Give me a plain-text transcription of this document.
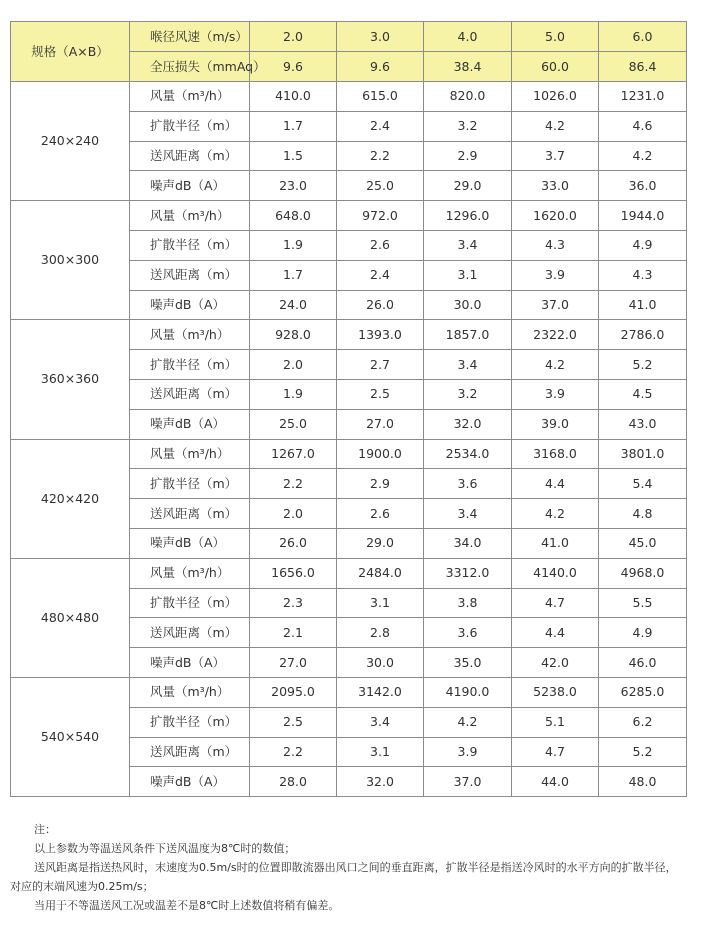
规格（A×B）	喉径风速（m/s）	2.0	3.0	4.0	5.0	6.0
	全压损失（mmAq）	9.6	9.6	38.4	60.0	86.4
240×240	风量（m³/h）	410.0	615.0	820.0	1026.0	1231.0
	扩散半径（m）	1.7	2.4	3.2	4.2	4.6
	送风距离（m）	1.5	2.2	2.9	3.7	4.2
	噪声dB（A）	23.0	25.0	29.0	33.0	36.0
300×300	风量（m³/h）	648.0	972.0	1296.0	1620.0	1944.0
	扩散半径（m）	1.9	2.6	3.4	4.3	4.9
	送风距离（m）	1.7	2.4	3.1	3.9	4.3
	噪声dB（A）	24.0	26.0	30.0	37.0	41.0
360×360	风量（m³/h）	928.0	1393.0	1857.0	2322.0	2786.0
	扩散半径（m）	2.0	2.7	3.4	4.2	5.2
	送风距离（m）	1.9	2.5	3.2	3.9	4.5
	噪声dB（A）	25.0	27.0	32.0	39.0	43.0
420×420	风量（m³/h）	1267.0	1900.0	2534.0	3168.0	3801.0
	扩散半径（m）	2.2	2.9	3.6	4.4	5.4
	送风距离（m）	2.0	2.6	3.4	4.2	4.8
	噪声dB（A）	26.0	29.0	34.0	41.0	45.0
480×480	风量（m³/h）	1656.0	2484.0	3312.0	4140.0	4968.0
	扩散半径（m）	2.3	3.1	3.8	4.7	5.5
	送风距离（m）	2.1	2.8	3.6	4.4	4.9
	噪声dB（A）	27.0	30.0	35.0	42.0	46.0
540×540	风量（m³/h）	2095.0	3142.0	4190.0	5238.0	6285.0
	扩散半径（m）	2.5	3.4	4.2	5.1	6.2
	送风距离（m）	2.2	3.1	3.9	4.7	5.2
	噪声dB（A）	28.0	32.0	37.0	44.0	48.0

注：

以上参数为等温送风条件下送风温度为8℃时的数值；

送风距离是指送热风时，末速度为0.5m/s时的位置即散流器出风口之间的垂直距离，扩散半径是指送冷风时的水平方向的扩散半径，对应的末端风速为0.25m/s；

当用于不等温送风工况或温差不是8℃时上述数值将稍有偏差。
